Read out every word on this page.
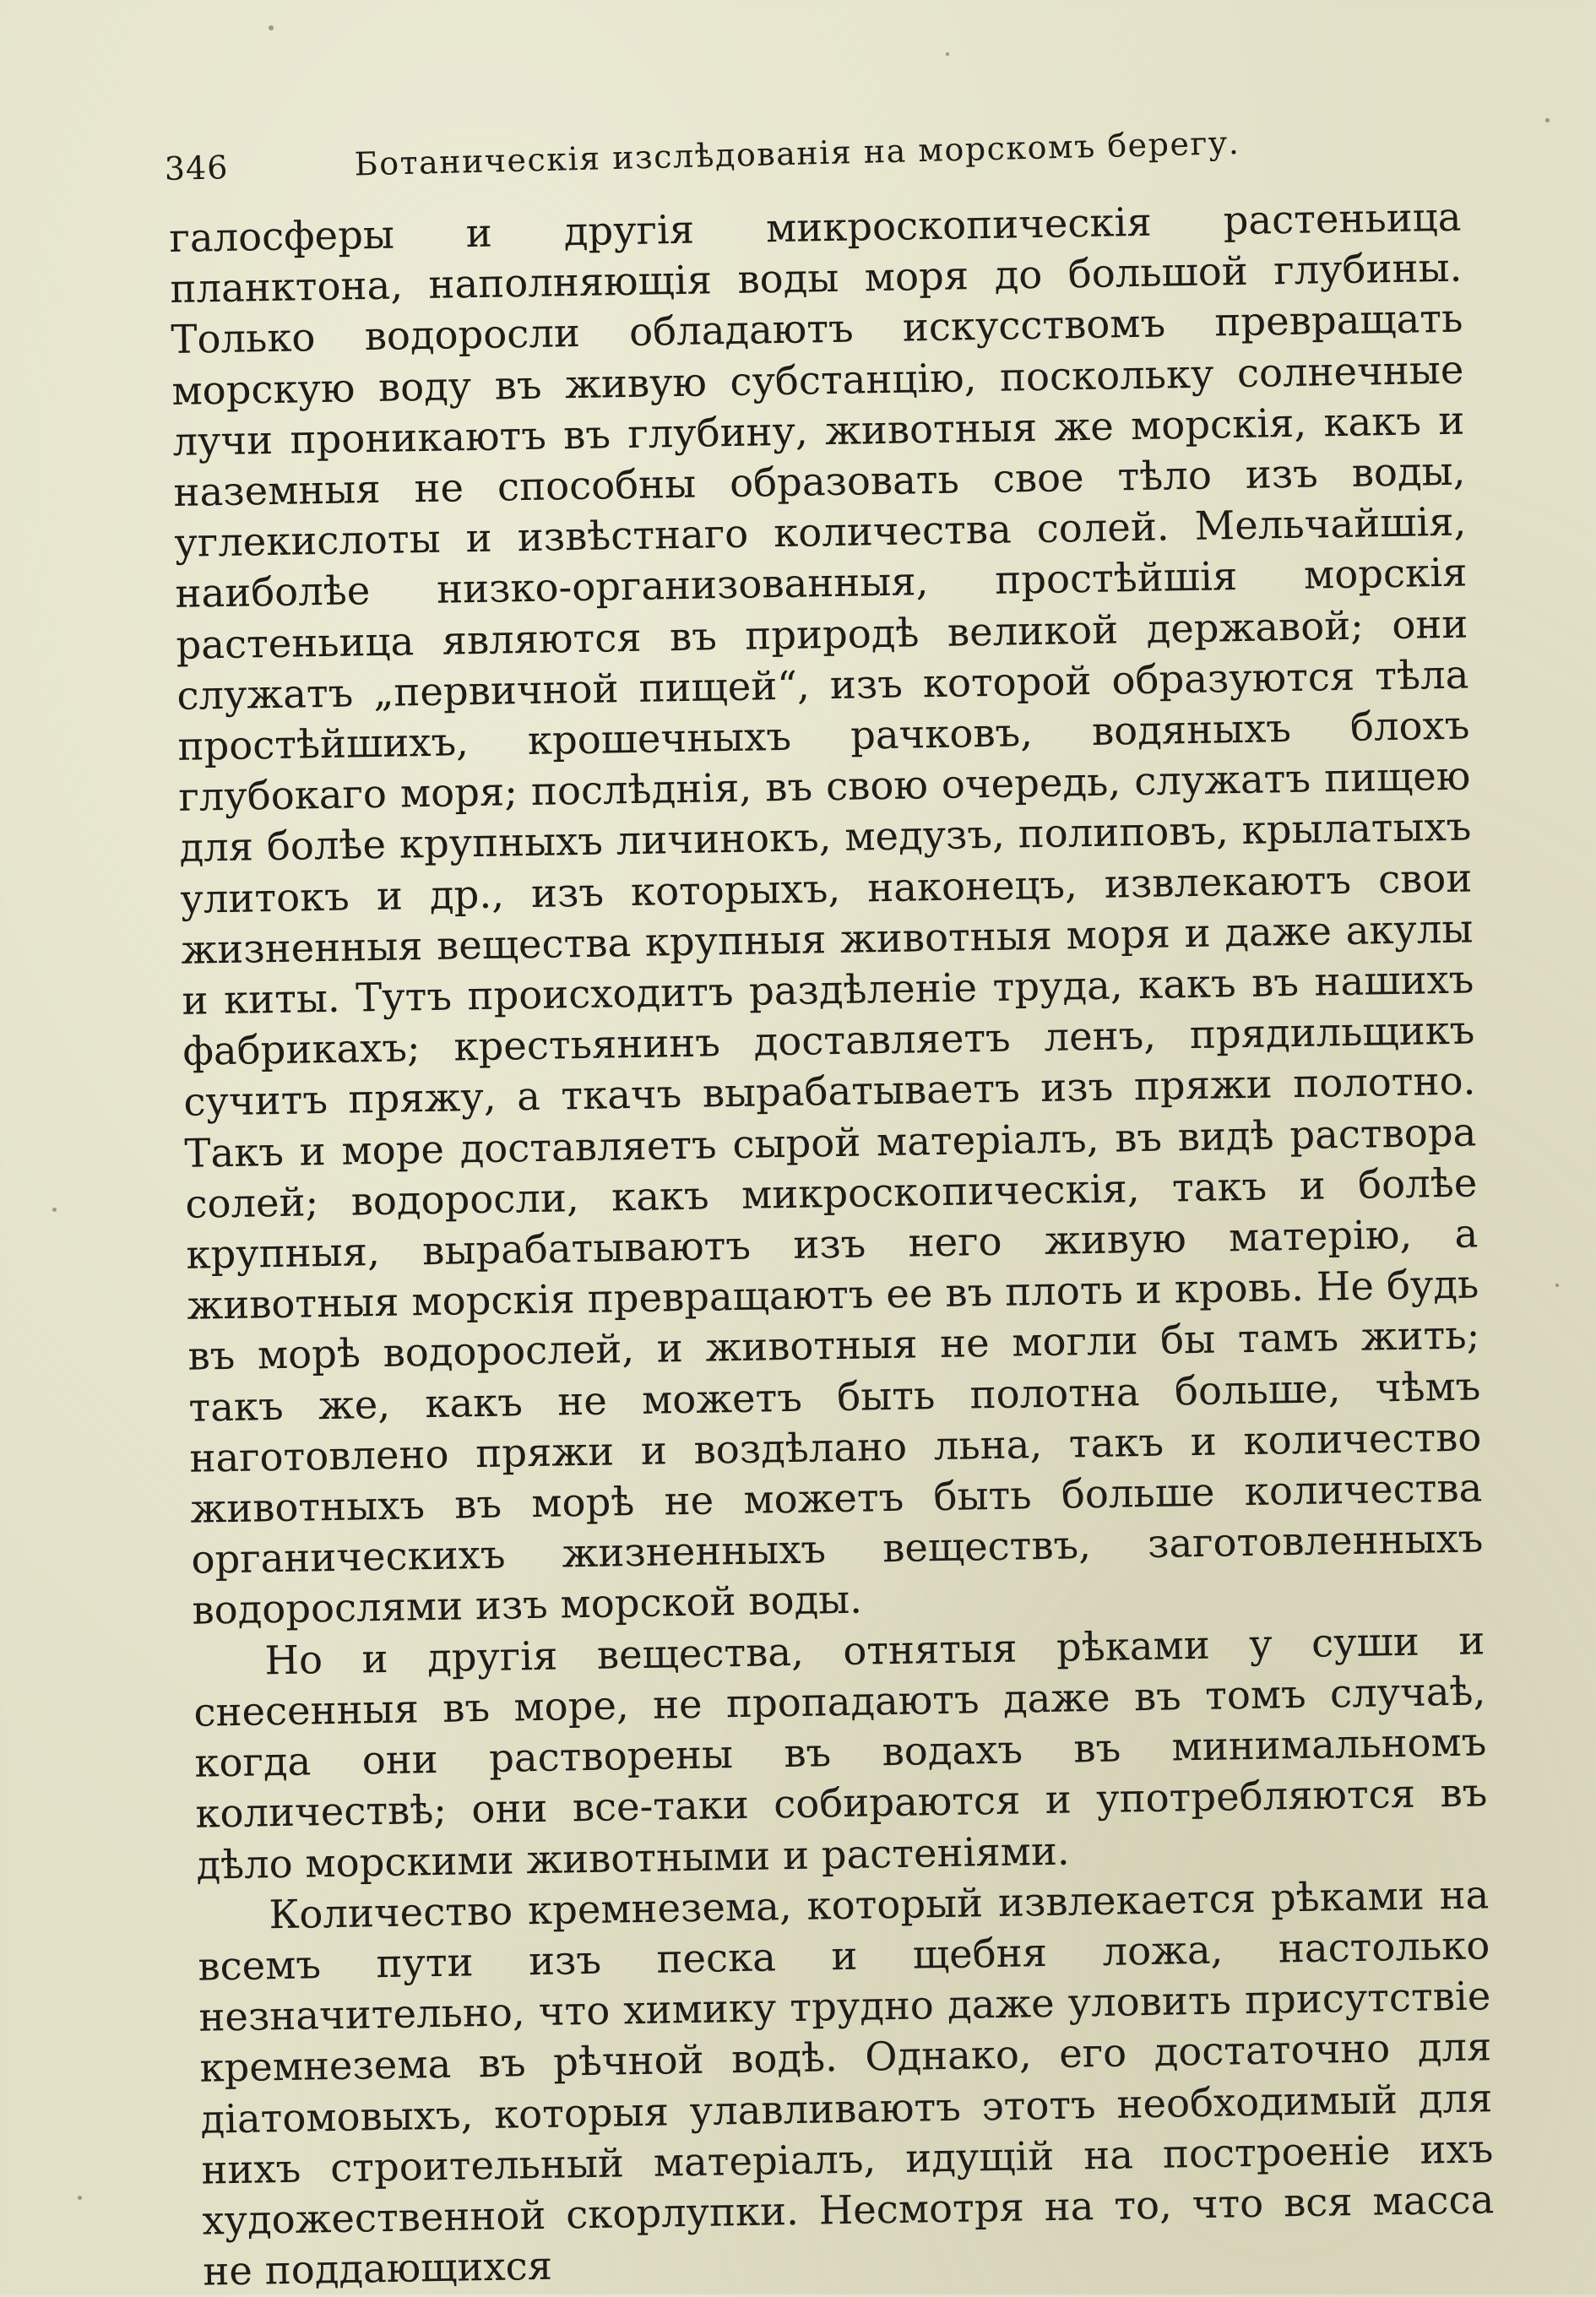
346	Ботаническія изслѣдованія на морскомъ берегу.

галосферы и другія микроскопическія растеньица планктона, наполняющія воды моря до большой глубины. Только водоросли обладаютъ искусствомъ превращать морскую воду въ живую субстанцію, поскольку солнечные лучи проникаютъ въ глубину, животныя же морскія, какъ и наземныя не способны образовать свое тѣло изъ воды, углекислоты и извѣстнаго количества солей. Мельчайшія, наиболѣе низко-организованныя, простѣйшія морскія растеньица являются въ природѣ великой державой; они служатъ „первичной пищей“, изъ которой образуются тѣла простѣйшихъ, крошечныхъ рачковъ, водяныхъ блохъ глубокаго моря; послѣднія, въ свою очередь, служатъ пищею для болѣе крупныхъ личинокъ, медузъ, полиповъ, крылатыхъ улитокъ и др., изъ которыхъ, наконецъ, извлекаютъ свои жизненныя вещества крупныя животныя моря и даже акулы и киты. Тутъ происходитъ раздѣленіе труда, какъ въ нашихъ фабрикахъ; крестьянинъ доставляетъ ленъ, прядильщикъ сучитъ пряжу, а ткачъ вырабатываетъ изъ пряжи полотно. Такъ и море доставляетъ сырой матеріалъ, въ видѣ раствора солей; водоросли, какъ микроскопическія, такъ и болѣе крупныя, вырабатываютъ изъ него живую матерію, а животныя морскія превращаютъ ее въ плоть и кровь. Не будь въ морѣ водорослей, и животныя не могли бы тамъ жить; такъ же, какъ не можетъ быть полотна больше, чѣмъ наготовлено пряжи и воздѣлано льна, такъ и количество животныхъ въ морѣ не можетъ быть больше количества органическихъ жизненныхъ веществъ, заготовленныхъ водорослями изъ морской воды.

Но и другія вещества, отнятыя рѣками у суши и снесенныя въ море, не пропадаютъ даже въ томъ случаѣ, когда они растворены въ водахъ въ минимальномъ количествѣ; они все-таки собираются и употребляются въ дѣло морскими животными и растеніями.

Количество кремнезема, который извлекается рѣками на всемъ пути изъ песка и щебня ложа, настолько незначительно, что химику трудно даже уловить присутствіе кремнезема въ рѣчной водѣ. Однако, его достаточно для діатомовыхъ, которыя улавливаютъ этотъ необходимый для нихъ строительный матеріалъ, идущій на построеніе ихъ художественной скорлупки. Несмотря на то, что вся масса не поддающихся
